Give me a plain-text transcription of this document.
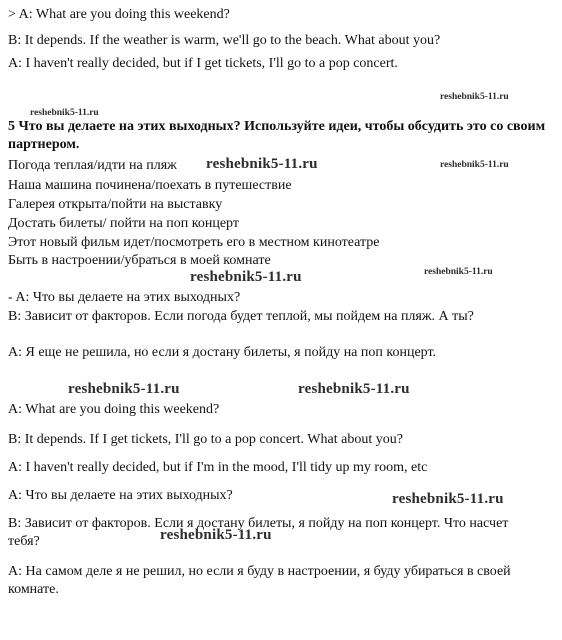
> A: What are you doing this weekend?
B: It depends. If the weather is warm, we'll go to the beach. What about you?
A: I haven't really decided, but if I get tickets, I'll go to a pop concert.
5 Что вы делаете на этих выходных? Используйте идеи, чтобы обсудить это со своим партнером.
Погода теплая/идти на пляж
Наша машина починена/поехать в путешествие
Галерея открыта/пойти на выставку
Достать билеты/ пойти на поп концерт
Этот новый фильм идет/посмотреть его в местном кинотеатре
Быть в настроении/убраться в моей комнате
- A: Что вы делаете на этих выходных?
B: Зависит от факторов. Если погода будет теплой, мы пойдем на пляж. А ты?
A: Я еще не решила, но если я достану билеты, я пойду на поп концерт.
A: What are you doing this weekend?
B: It depends. If I get tickets, I'll go to a pop concert. What about you?
A: I haven't really decided, but if I'm in the mood, I'll tidy up my room, etc
A: Что вы делаете на этих выходных?
B: Зависит от факторов. Если я достану билеты, я пойду на поп концерт. Что насчет тебя?
A: На самом деле я не решил, но если я буду в настроении, я буду убираться в своей комнате.
reshebnik5-11.ru
reshebnik5-11.ru
reshebnik5-11.ru
reshebnik5-11.ru
reshebnik5-11.ru	reshebnik5-11.ru
reshebnik5-11.ru	reshebnik5-11.ru
reshebnik5-11.ru
reshebnik5-11.ru
